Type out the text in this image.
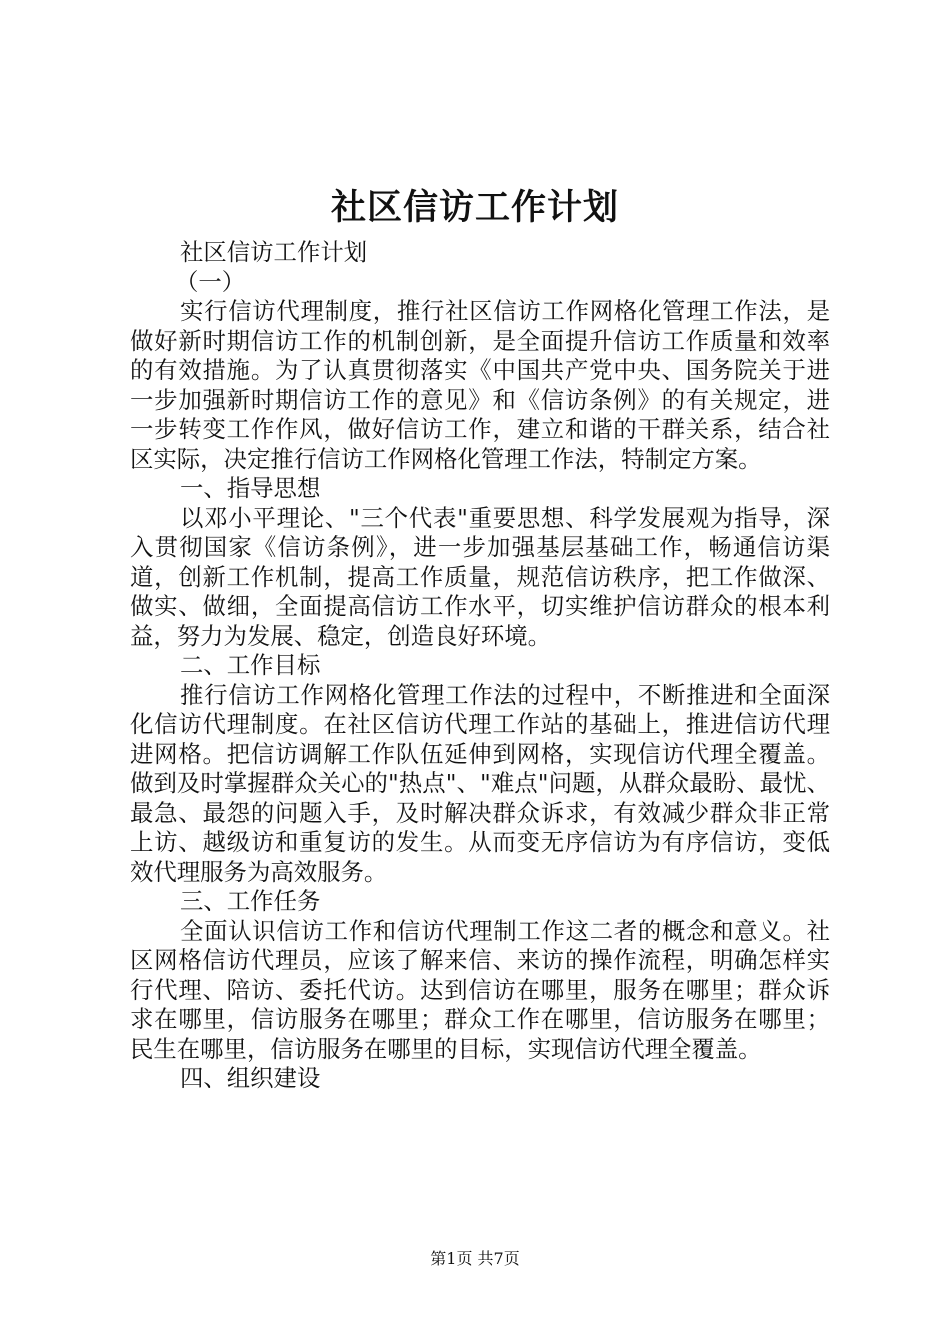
社区信访工作计划

社区信访工作计划

（一）

实行信访代理制度，推行社区信访工作网格化管理工作法，是做好新时期信访工作的机制创新，是全面提升信访工作质量和效率的有效措施。为了认真贯彻落实《中国共产党中央、国务院关于进一步加强新时期信访工作的意见》和《信访条例》的有关规定，进一步转变工作作风，做好信访工作，建立和谐的干群关系，结合社区实际，决定推行信访工作网格化管理工作法，特制定方案。

一、指导思想

以邓小平理论、"三个代表"重要思想、科学发展观为指导，深入贯彻国家《信访条例》，进一步加强基层基础工作，畅通信访渠道，创新工作机制，提高工作质量，规范信访秩序，把工作做深、做实、做细，全面提高信访工作水平，切实维护信访群众的根本利益，努力为发展、稳定，创造良好环境。

二、工作目标

推行信访工作网格化管理工作法的过程中，不断推进和全面深化信访代理制度。在社区信访代理工作站的基础上，推进信访代理进网格。把信访调解工作队伍延伸到网格，实现信访代理全覆盖。做到及时掌握群众关心的"热点"、"难点"问题，从群众最盼、最忧、最急、最怨的问题入手，及时解决群众诉求，有效减少群众非正常上访、越级访和重复访的发生。从而变无序信访为有序信访，变低效代理服务为高效服务。

三、工作任务

全面认识信访工作和信访代理制工作这二者的概念和意义。社区网格信访代理员，应该了解来信、来访的操作流程，明确怎样实行代理、陪访、委托代访。达到信访在哪里，服务在哪里；群众诉求在哪里，信访服务在哪里；群众工作在哪里，信访服务在哪里；民生在哪里，信访服务在哪里的目标，实现信访代理全覆盖。

四、组织建设

第1页 共7页
